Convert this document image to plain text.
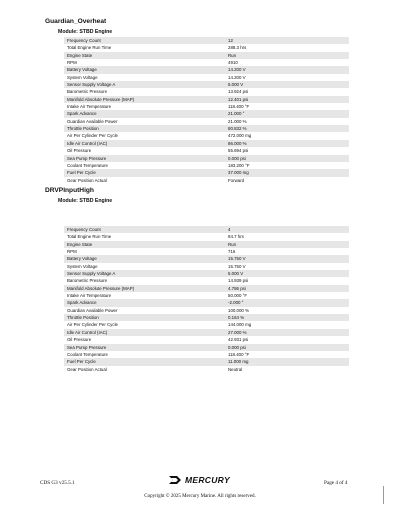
Guardian_Overheat
Module: STBD Engine
Frequency Count	12
Total Engine Run Time	288.3 hrs
Engine State	Run
RPM	4910
Battery Voltage	14.200 V
System Voltage	14.200 V
Sensor Supply Voltage A	5.000 V
Barometric Pressure	13.924 psi
Manifold Absolute Pressure (MAP)	12.401 psi
Intake Air Temperature	118.400 °F
Spark Advance	21.000 °
Guardian Available Power	21.000 %
Throttle Position	80.832 %
Air Per Cylinder Per Cycle	472.000 mg
Idle Air Control (IAC)	86.000 %
Oil Pressure	55.694 psi
Sea Pump Pressure	0.000 psi
Coolant Temperature	183.200 °F
Fuel Per Cycle	37.000 mg
Gear Position Actual	Forward
DRVPInputHigh
Module: STBD Engine
Frequency Count	4
Total Engine Run Time	84.7 hrs
Engine State	Run
RPM	716
Battery Voltage	15.750 V
System Voltage	15.750 V
Sensor Supply Voltage A	5.000 V
Barometric Pressure	14.939 psi
Manifold Absolute Pressure (MAP)	4.786 psi
Intake Air Temperature	50.000 °F
Spark Advance	-2.000 °
Guardian Available Power	100.000 %
Throttle Position	0.164 %
Air Per Cylinder Per Cycle	144.000 mg
Idle Air Control (IAC)	27.000 %
Oil Pressure	42.931 psi
Sea Pump Pressure	0.000 psi
Coolant Temperature	118.400 °F
Fuel Per Cycle	11.000 mg
Gear Position Actual	Neutral
CDS G3 v25.5.1	MERCURY	Page 4 of 4
Copyright © 2025 Mercury Marine. All rights reserved.
